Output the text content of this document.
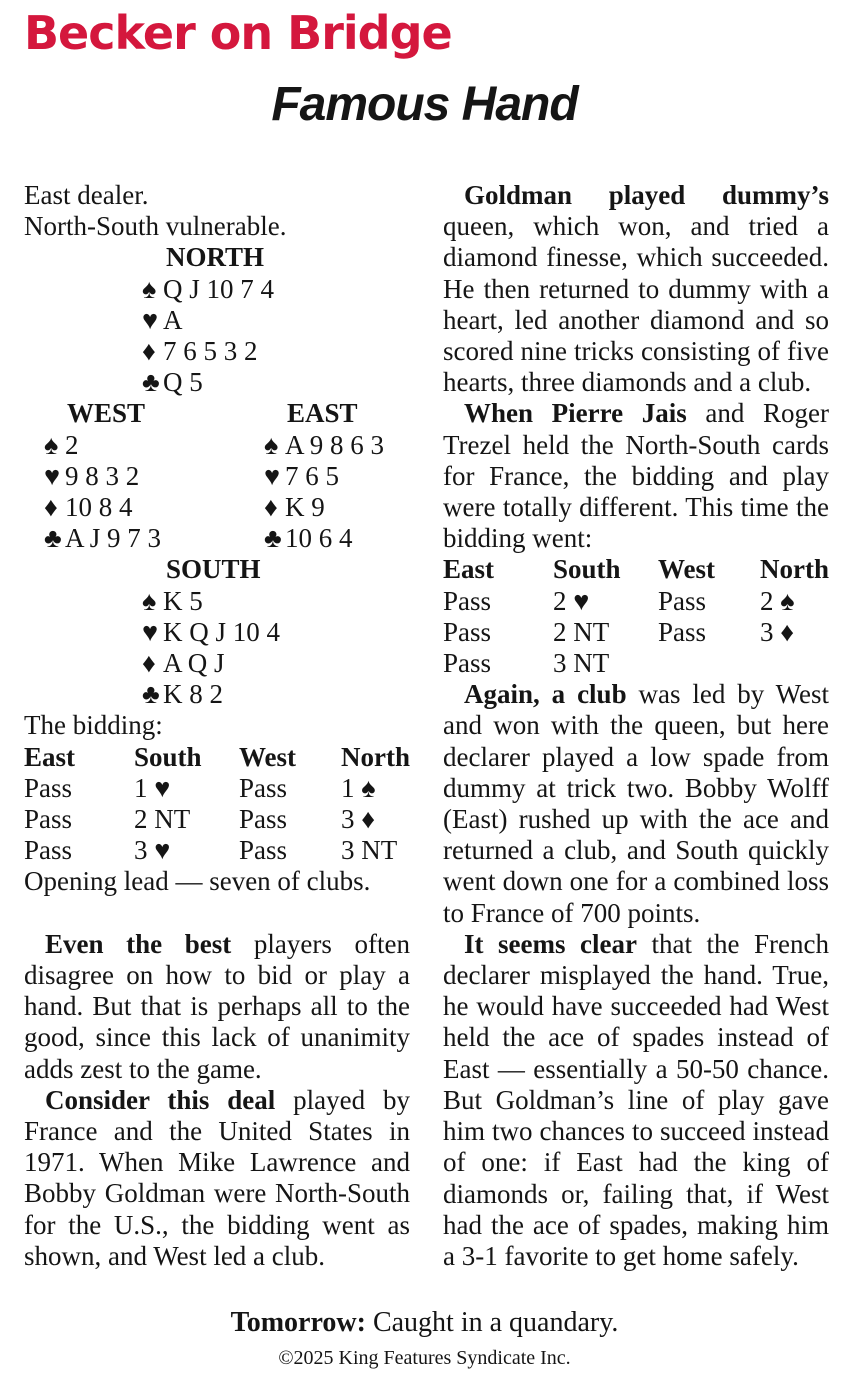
Becker on Bridge
Famous Hand

East dealer.

North-South vulnerable.

NORTH
♠ Q J 10 7 4
♥ A
♦ 7 6 5 3 2
♣ Q 5
WEST
♠ 2
♥ 9 8 3 2
♦ 10 8 4
♣ A J 9 7 3
EAST
♠ A 9 8 6 3
♥ 7 6 5
♦ K 9
♣ 10 6 4
SOUTH
♠ K 5
♥ K Q J 10 4
♦ A Q J
♣ K 8 2

The bidding:

East	South	West	North
Pass	1 ♥	Pass	1 ♠
Pass	2 NT	Pass	3 ♦
Pass	3 ♥	Pass	3 NT

Opening lead — seven of clubs.

Even the best players often disagree on how to bid or play a hand. But that is perhaps all to the good, since this lack of unanimity adds zest to the game.

Consider this deal played by France and the United States in 1971. When Mike Lawrence and Bobby Goldman were North-South for the U.S., the bidding went as shown, and West led a club.

Goldman played dummy’s queen, which won, and tried a diamond finesse, which succeeded. He then returned to dummy with a heart, led another diamond and so scored nine tricks consisting of five hearts, three diamonds and a club.

When Pierre Jais and Roger Trezel held the North-South cards for France, the bidding and play were totally different. This time the bidding went:

East	South	West	North
Pass	2 ♥	Pass	2 ♠
Pass	2 NT	Pass	3 ♦
Pass	3 NT		

Again, a club was led by West and won with the queen, but here declarer played a low spade from dummy at trick two. Bobby Wolff (East) rushed up with the ace and returned a club, and South quickly went down one for a combined loss to France of 700 points.

It seems clear that the French declarer misplayed the hand. True, he would have succeeded had West held the ace of spades instead of East — essentially a 50-50 chance. But Goldman’s line of play gave him two chances to succeed instead of one: if East had the king of diamonds or, failing that, if West had the ace of spades, making him a 3-1 favorite to get home safely.

Tomorrow: Caught in a quandary.
©2025 King Features Syndicate Inc.
